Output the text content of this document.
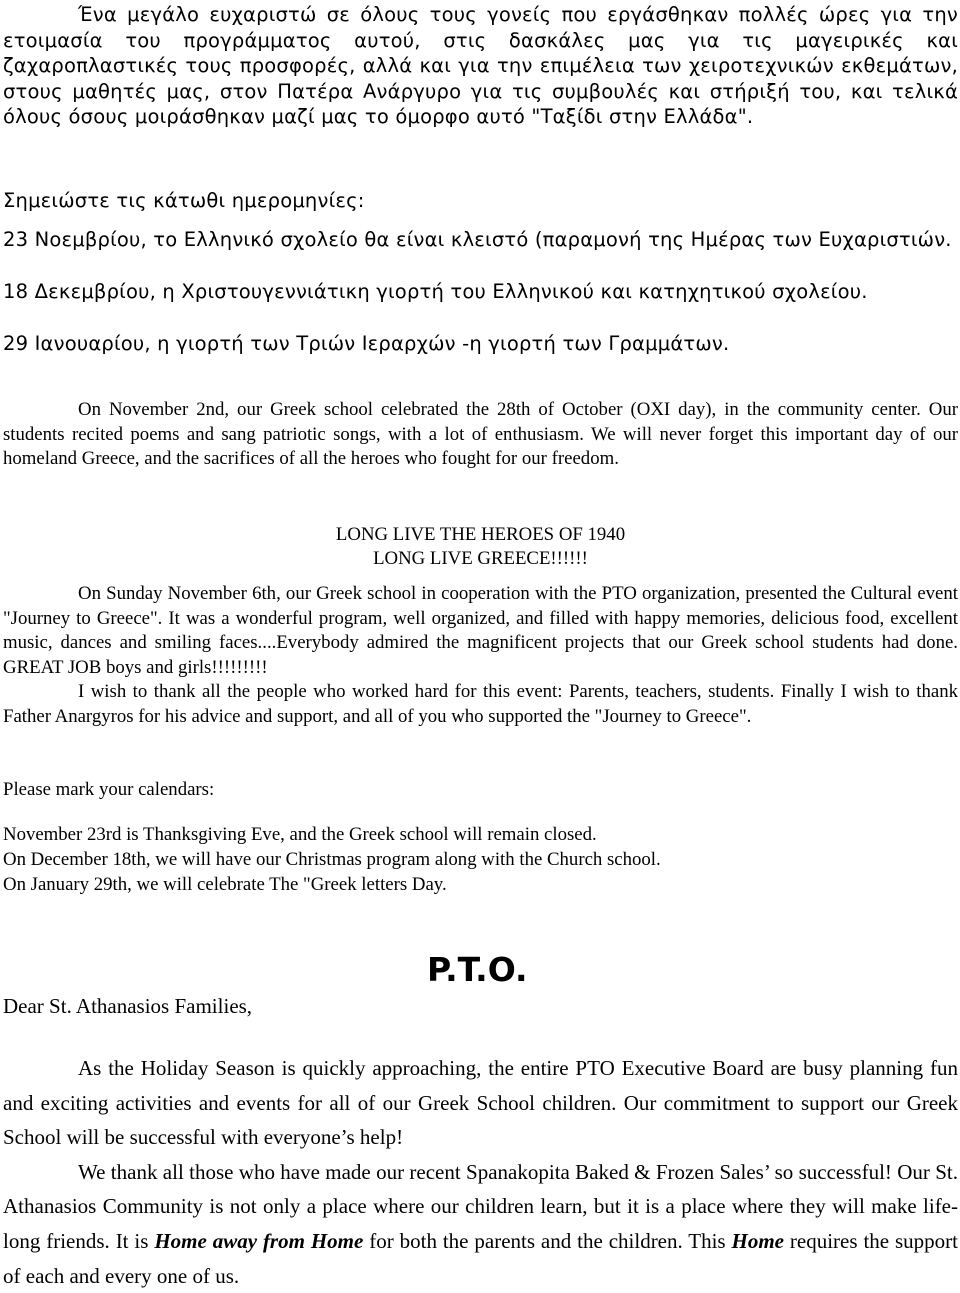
Ένα μεγάλο ευχαριστώ σε όλους τους γονείς που εργάσθηκαν πολλές ώρες για την ετοιμασία του προγράμματος αυτού, στις δασκάλες μας για τις μαγειρικές και ζαχαροπλαστικές τους προσφορές, αλλά και για την επιμέλεια των χειροτεχνικών εκθεμάτων, στους μαθητές μας, στον Πατέρα Ανάργυρο για τις συμβουλές και στήριξή του, και τελικά όλους όσους μοιράσθηκαν μαζί μας το όμορφο αυτό "Ταξίδι στην Ελλάδα".

Σημειώστε τις κάτωθι ημερομηνίες:

23 Νοεμβρίου, το Ελληνικό σχολείο θα είναι κλειστό (παραμονή της Ημέρας των Ευχαριστιών.

18 Δεκεμβρίου, η Χριστουγεννιάτικη γιορτή του Ελληνικού και κατηχητικού σχολείου.

29 Ιανουαρίου, η γιορτή των Τριών Ιεραρχών -η γιορτή των Γραμμάτων.

On November 2nd, our Greek school celebrated the 28th of October (OXI day), in the community center. Our students recited poems and sang patriotic songs, with a lot of enthusiasm. We will never forget this important day of our homeland Greece, and the sacrifices of all the heroes who fought for our freedom.

LONG LIVE THE HEROES OF 1940

LONG LIVE GREECE!!!!!!

On Sunday November 6th, our Greek school in cooperation with the PTO organization, presented the Cultural event "Journey to Greece". It was a wonderful program, well organized, and filled with happy memories, delicious food, excellent music, dances and smiling faces....Everybody admired the magnificent projects that our Greek school students had done. GREAT JOB boys and girls!!!!!!!!!

I wish to thank all the people who worked hard for this event: Parents, teachers, students. Finally I wish to thank Father Anargyros for his advice and support, and all of you who supported the "Journey to Greece".

Please mark your calendars:

November 23rd is Thanksgiving Eve, and the Greek school will remain closed.

On December 18th, we will have our Christmas program along with the Church school.

On January 29th, we will celebrate The "Greek letters Day.

P.T.O.
Dear St. Athanasios Families,

As the Holiday Season is quickly approaching, the entire PTO Executive Board are busy planning fun and exciting activities and events for all of our Greek School children. Our commitment to support our Greek School will be successful with everyone’s help!

We thank all those who have made our recent Spanakopita Baked & Frozen Sales’ so successful! Our St. Athanasios Community is not only a place where our children learn, but it is a place where they will make life-long friends. It is Home away from Home for both the parents and the children. This Home requires the support of each and every one of us.
